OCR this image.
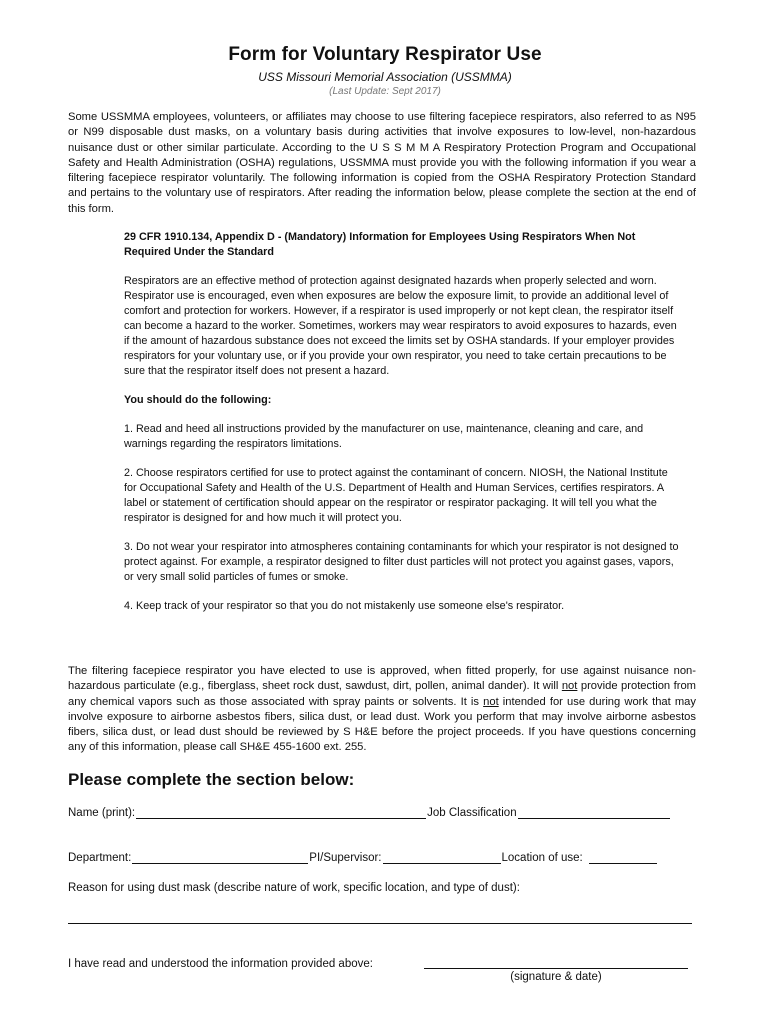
Form for Voluntary Respirator Use
USS Missouri Memorial Association (USSMMA)
(Last Update: Sept 2017)

Some USSMMA employees, volunteers, or affiliates may choose to use filtering facepiece respirators, also referred to as N95 or N99 disposable dust masks, on a voluntary basis during activities that involve exposures to low-level, non-hazardous nuisance dust or other similar particulate. According to the U S S M M A Respiratory Protection Program and Occupational Safety and Health Administration (OSHA) regulations, USSMMA must provide you with the following information if you wear a filtering facepiece respirator voluntarily. The following information is copied from the OSHA Respiratory Protection Standard and pertains to the voluntary use of respirators. After reading the information below, please complete the section at the end of this form.

29 CFR 1910.134, Appendix D - (Mandatory) Information for Employees Using Respirators When Not Required Under the Standard

Respirators are an effective method of protection against designated hazards when properly selected and worn. Respirator use is encouraged, even when exposures are below the exposure limit, to provide an additional level of comfort and protection for workers. However, if a respirator is used improperly or not kept clean, the respirator itself can become a hazard to the worker. Sometimes, workers may wear respirators to avoid exposures to hazards, even if the amount of hazardous substance does not exceed the limits set by OSHA standards. If your employer provides respirators for your voluntary use, or if you provide your own respirator, you need to take certain precautions to be sure that the respirator itself does not present a hazard.

You should do the following:

1. Read and heed all instructions provided by the manufacturer on use, maintenance, cleaning and care, and warnings regarding the respirators limitations.

2. Choose respirators certified for use to protect against the contaminant of concern. NIOSH, the National Institute for Occupational Safety and Health of the U.S. Department of Health and Human Services, certifies respirators. A label or statement of certification should appear on the respirator or respirator packaging. It will tell you what the respirator is designed for and how much it will protect you.

3. Do not wear your respirator into atmospheres containing contaminants for which your respirator is not designed to protect against. For example, a respirator designed to filter dust particles will not protect you against gases, vapors, or very small solid particles of fumes or smoke.

4. Keep track of your respirator so that you do not mistakenly use someone else's respirator.

The filtering facepiece respirator you have elected to use is approved, when fitted properly, for use against nuisance non-hazardous particulate (e.g., fiberglass, sheet rock dust, sawdust, dirt, pollen, animal dander). It will not provide protection from any chemical vapors such as those associated with spray paints or solvents. It is not intended for use during work that may involve exposure to airborne asbestos fibers, silica dust, or lead dust. Work you perform that may involve airborne asbestos fibers, silica dust, or lead dust should be reviewed by S H&E before the project proceeds. If you have questions concerning any of this information, please call SH&E 455-1600 ext. 255.

Please complete the section below:
Name (print):	Job Classification
Department:	PI/Supervisor:	Location of use:
Reason for using dust mask (describe nature of work, specific location, and type of dust):
I have read and understood the information provided above:
(signature & date)
